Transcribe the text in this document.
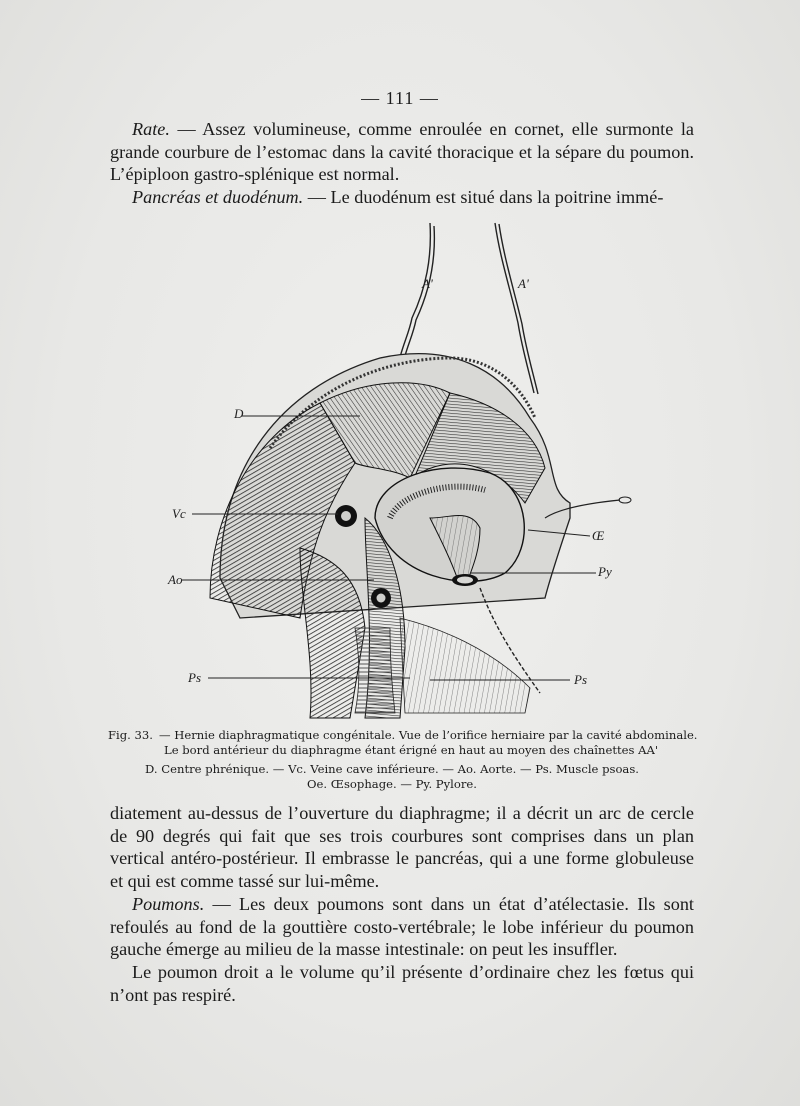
— 111 —

Rate. — Assez volumineuse, comme enroulée en cornet, elle surmonte la grande courbure de l’estomac dans la cavité thoracique et la sépare du poumon. L’épiploon gastro-splénique est normal.

Pancréas et duodénum. — Le duodénum est situé dans la poitrine immé-

A'	A'
D
Vc
Ao
Œ
Py
Ps	Ps
Fig. 33. — Hernie diaphragmatique congénitale. Vue de l’orifice herniaire par la cavité abdominale.
Le bord antérieur du diaphragme étant érigné en haut au moyen des chaînettes AA'
D. Centre phrénique. — Vc. Veine cave inférieure. — Ao. Aorte. — Ps. Muscle psoas.
Oe. Œsophage. — Py. Pylore.

diatement au-dessus de l’ouverture du diaphragme; il a décrit un arc de cercle de 90 degrés qui fait que ses trois courbures sont comprises dans un plan vertical antéro-postérieur. Il embrasse le pancréas, qui a une forme globuleuse et qui est comme tassé sur lui-même.

Poumons. — Les deux poumons sont dans un état d’atélectasie. Ils sont refoulés au fond de la gouttière costo-vertébrale; le lobe inférieur du poumon gauche émerge au milieu de la masse intestinale: on peut les insuffler.

Le poumon droit a le volume qu’il présente d’ordinaire chez les fœtus qui n’ont pas respiré.
